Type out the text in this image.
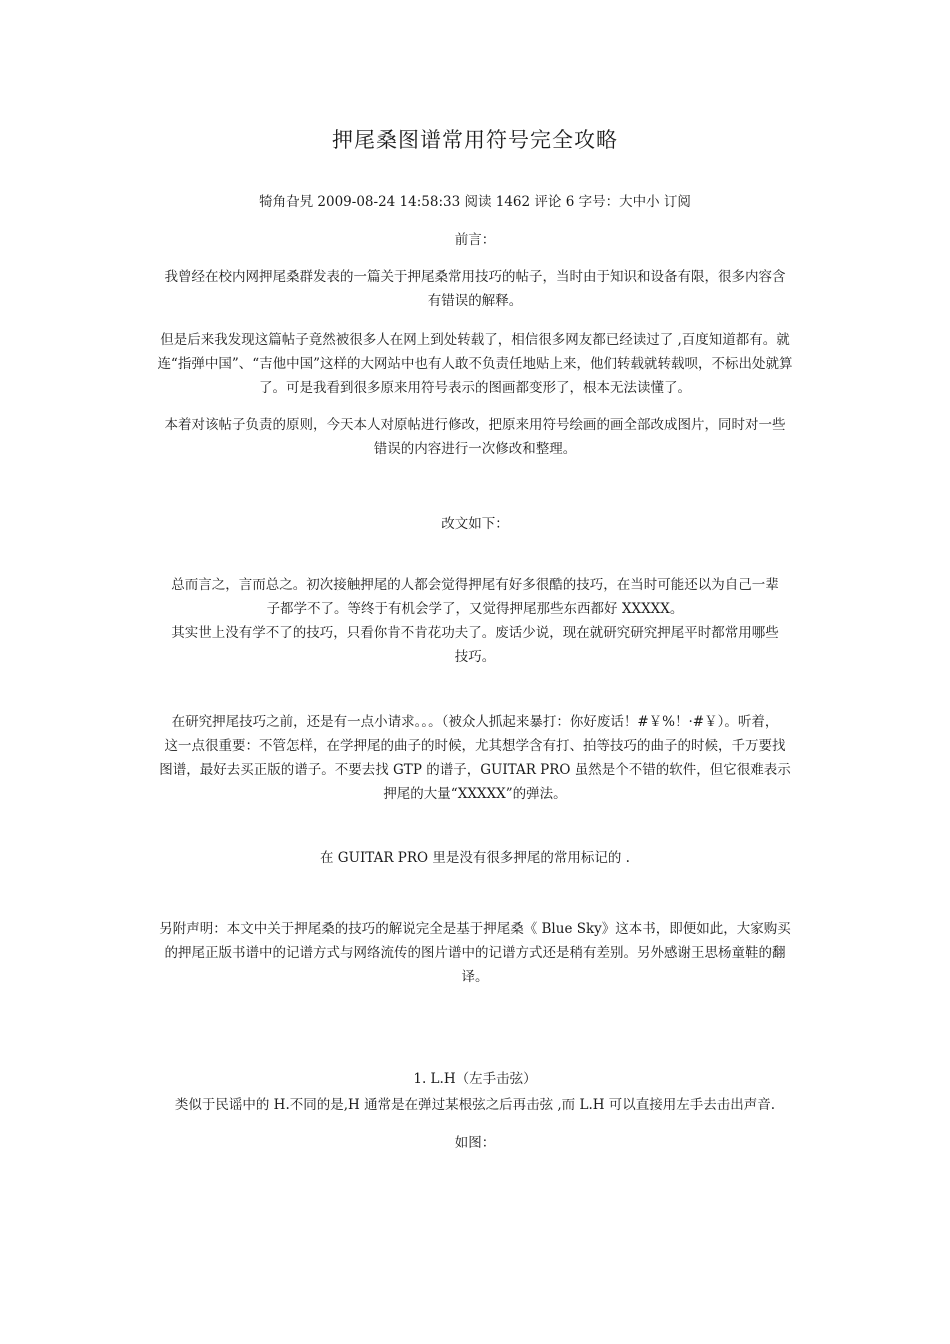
押尾桑图谱常用符号完全攻略
犄角旮旯 2009-08-24 14:58:33 阅读 1462 评论 6 字号：大中小 订阅
前言：
我曾经在校内网押尾桑群发表的一篇关于押尾桑常用技巧的帖子，当时由于知识和设备有限，很多内容含
有错误的解释。
但是后来我发现这篇帖子竟然被很多人在网上到处转载了，相信很多网友都已经读过了 ,百度知道都有。就
连“指弹中国”、“吉他中国”这样的大网站中也有人敢不负责任地贴上来，他们转载就转载呗，不标出处就算
了。可是我看到很多原来用符号表示的图画都变形了，根本无法读懂了。
本着对该帖子负责的原则，今天本人对原帖进行修改，把原来用符号绘画的画全部改成图片，同时对一些
错误的内容进行一次修改和整理。
改文如下：
总而言之，言而总之。初次接触押尾的人都会觉得押尾有好多很酷的技巧，在当时可能还以为自己一辈
子都学不了。等终于有机会学了，又觉得押尾那些东西都好 XXXXX。
其实世上没有学不了的技巧，只看你肯不肯花功夫了。废话少说，现在就研究研究押尾平时都常用哪些
技巧。
在研究押尾技巧之前，还是有一点小请求。。。（被众人抓起来暴打：你好废话！#￥%！·#￥）。听着，
这一点很重要：不管怎样，在学押尾的曲子的时候，尤其想学含有打、拍等技巧的曲子的时候，千万要找
图谱，最好去买正版的谱子。不要去找 GTP 的谱子，GUITAR PRO 虽然是个不错的软件，但它很难表示
押尾的大量“XXXXX”的弹法。
在 GUITAR PRO 里是没有很多押尾的常用标记的 .
另附声明：本文中关于押尾桑的技巧的解说完全是基于押尾桑《 Blue Sky》这本书，即便如此，大家购买
的押尾正版书谱中的记谱方式与网络流传的图片谱中的记谱方式还是稍有差别。另外感谢王思杨童鞋的翻
译。
1. L.H（左手击弦）
类似于民谣中的 H.不同的是,H 通常是在弹过某根弦之后再击弦 ,而 L.H 可以直接用左手去击出声音.
如图：
